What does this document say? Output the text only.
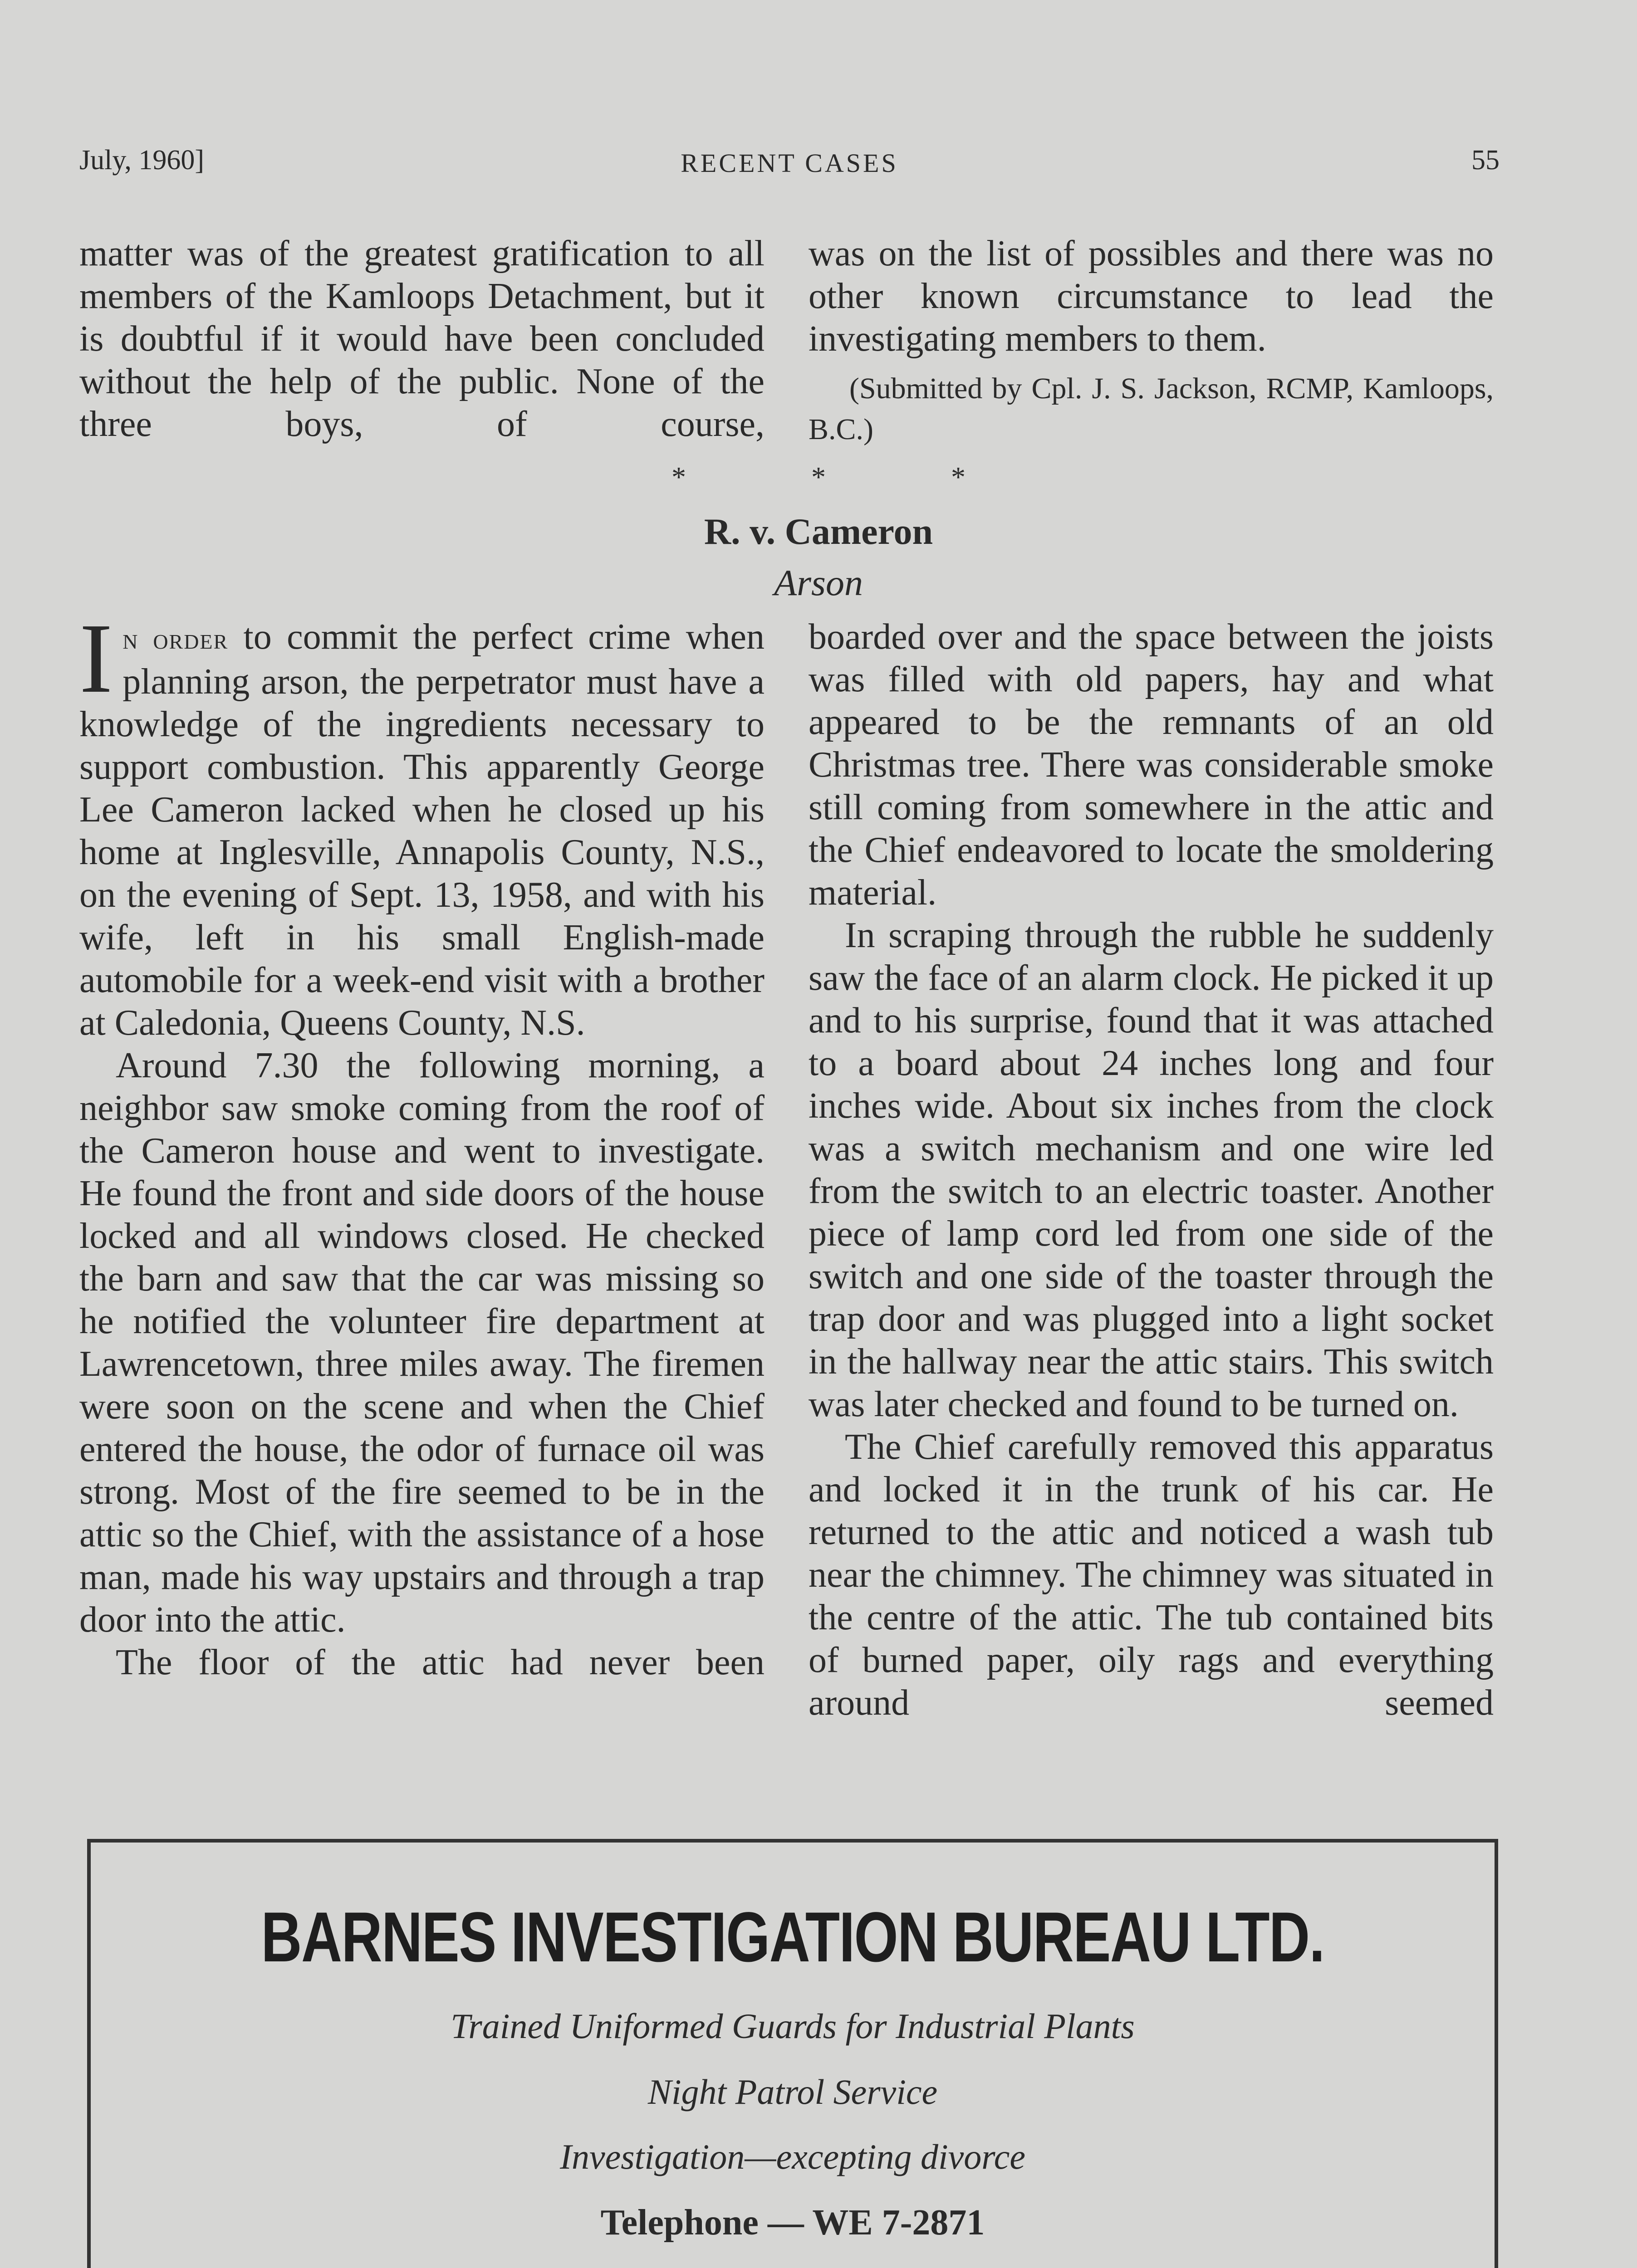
July, 1960]	RECENT CASES	55

matter was of the greatest gratification to all members of the Kamloops Detachment, but it is doubtful if it would have been concluded without the help of the public. None of the three boys, of course,

was on the list of possibles and there was no other known circumstance to lead the investigating members to them.

(Submitted by Cpl. J. S. Jackson, RCMP, Kamloops, B.C.)

*	*	*
R. v. Cameron
Arson

In order to commit the perfect crime when planning arson, the perpetrator must have a knowledge of the ingredients necessary to support combustion. This apparently George Lee Cameron lacked when he closed up his home at Inglesville, Annapolis County, N.S., on the evening of Sept. 13, 1958, and with his wife, left in his small English-made automobile for a week-end visit with a brother at Caledonia, Queens County, N.S.

Around 7.30 the following morning, a neighbor saw smoke coming from the roof of the Cameron house and went to investigate. He found the front and side doors of the house locked and all windows closed. He checked the barn and saw that the car was missing so he notified the volunteer fire department at Lawrencetown, three miles away. The firemen were soon on the scene and when the Chief entered the house, the odor of furnace oil was strong. Most of the fire seemed to be in the attic so the Chief, with the assistance of a hose man, made his way upstairs and through a trap door into the attic.

The floor of the attic had never been

boarded over and the space between the joists was filled with old papers, hay and what appeared to be the remnants of an old Christmas tree. There was considerable smoke still coming from somewhere in the attic and the Chief endeavored to locate the smoldering material.

In scraping through the rubble he suddenly saw the face of an alarm clock. He picked it up and to his surprise, found that it was attached to a board about 24 inches long and four inches wide. About six inches from the clock was a switch mechanism and one wire led from the switch to an electric toaster. Another piece of lamp cord led from one side of the switch and one side of the toaster through the trap door and was plugged into a light socket in the hallway near the attic stairs. This switch was later checked and found to be turned on.

The Chief carefully removed this apparatus and locked it in the trunk of his car. He returned to the attic and noticed a wash tub near the chimney. The chimney was situated in the centre of the attic. The tub contained bits of burned paper, oily rags and everything around seemed

BARNES INVESTIGATION BUREAU LTD.
Trained Uniformed Guards for Industrial Plants
Night Patrol Service
Investigation—excepting divorce
Telephone — WE 7-2871
